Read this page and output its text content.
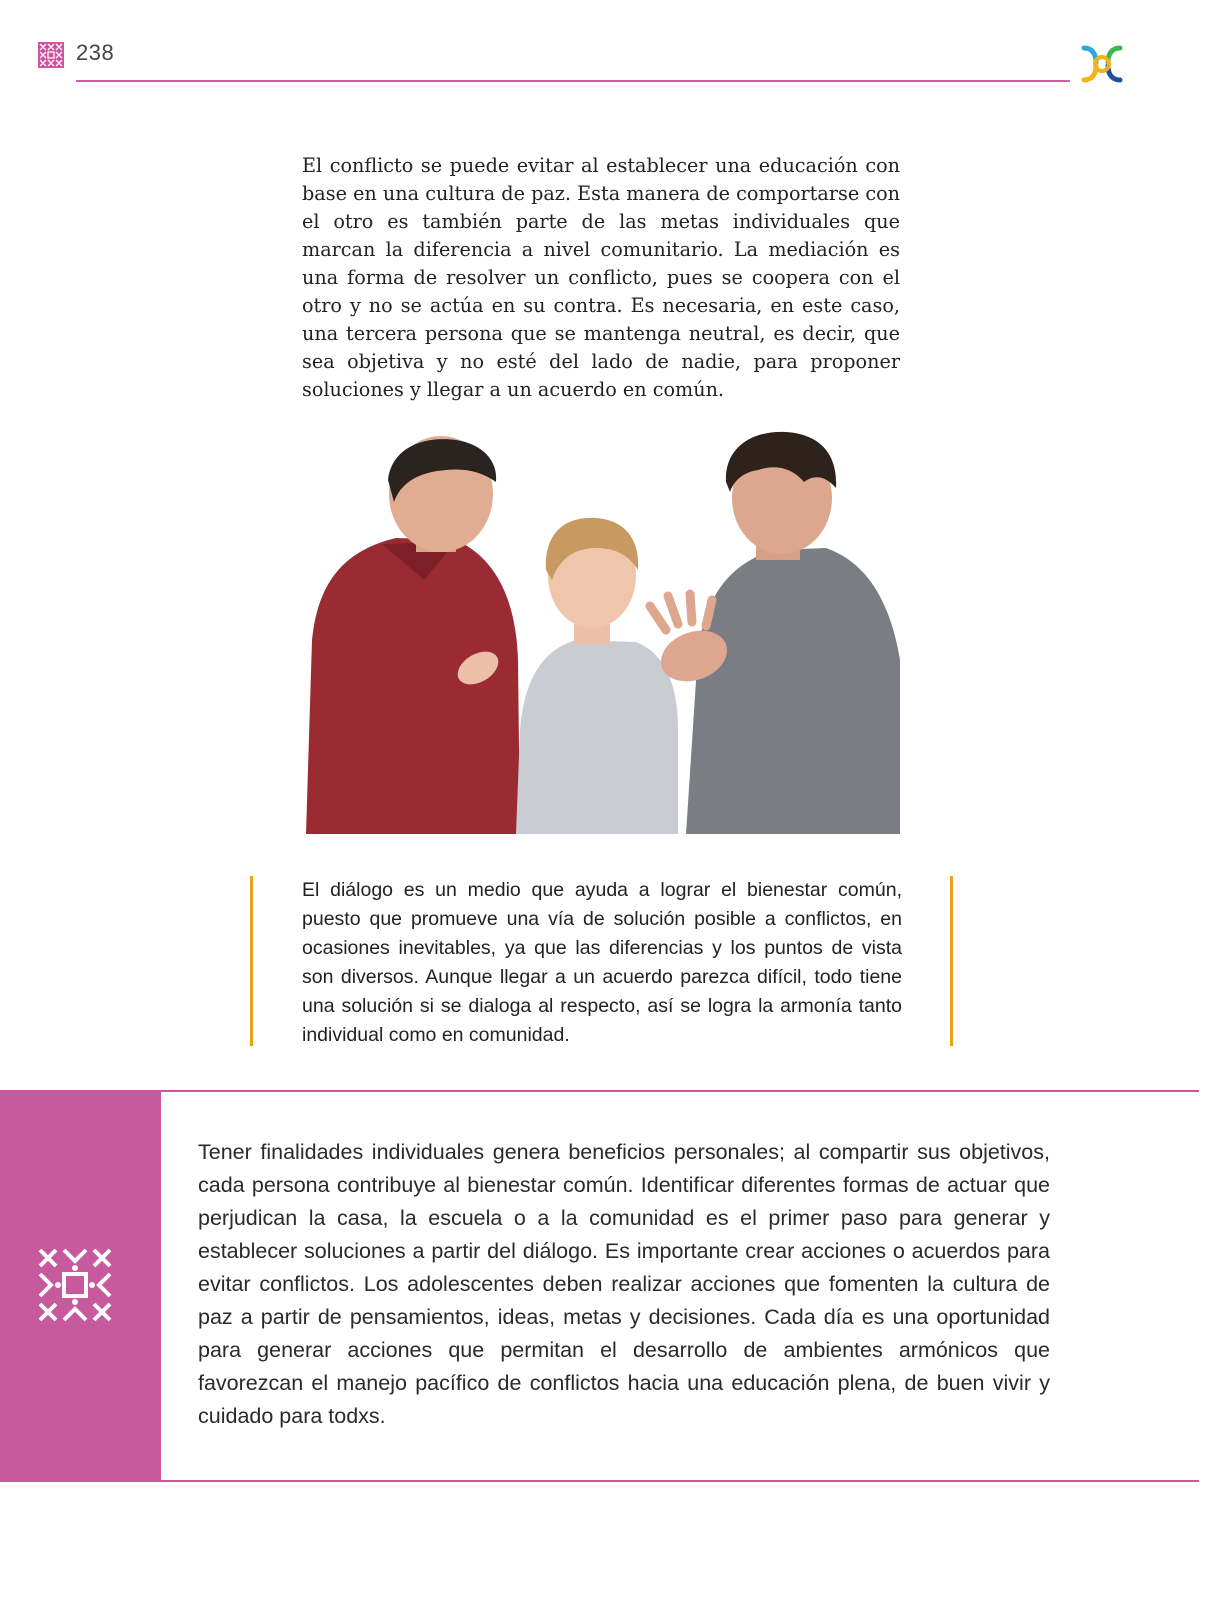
238

El conflicto se puede evitar al establecer una educación con base en una cultura de paz. Esta manera de comportarse con el otro es también parte de las metas individuales que marcan la diferencia a nivel comunitario. La mediación es una forma de resolver un conflicto, pues se coopera con el otro y no se actúa en su contra. Es necesaria, en este caso, una tercera persona que se mantenga neutral, es decir, que sea objetiva y no esté del lado de nadie, para proponer soluciones y llegar a un acuerdo en común.

El diálogo es un medio que ayuda a lograr el bienestar común, puesto que promueve una vía de solución posible a conflictos, en ocasiones inevitables, ya que las diferencias y los puntos de vista son diversos. Aunque llegar a un acuerdo parezca difícil, todo tiene una solución si se dialoga al respecto, así se logra la armonía tanto individual como en comunidad.

Tener finalidades individuales genera beneficios personales; al compartir sus objetivos, cada persona contribuye al bienestar común. Identificar diferentes formas de actuar que perjudican la casa, la escuela o a la comunidad es el primer paso para generar y establecer soluciones a partir del diálogo. Es importante crear acciones o acuerdos para evitar conflictos. Los adolescentes deben realizar acciones que fomenten la cultura de paz a partir de pensamientos, ideas, metas y decisiones. Cada día es una oportunidad para generar acciones que permitan el desarrollo de ambientes armónicos que favorezcan el manejo pacífico de conflictos hacia una educación plena, de buen vivir y cuidado para todxs.
